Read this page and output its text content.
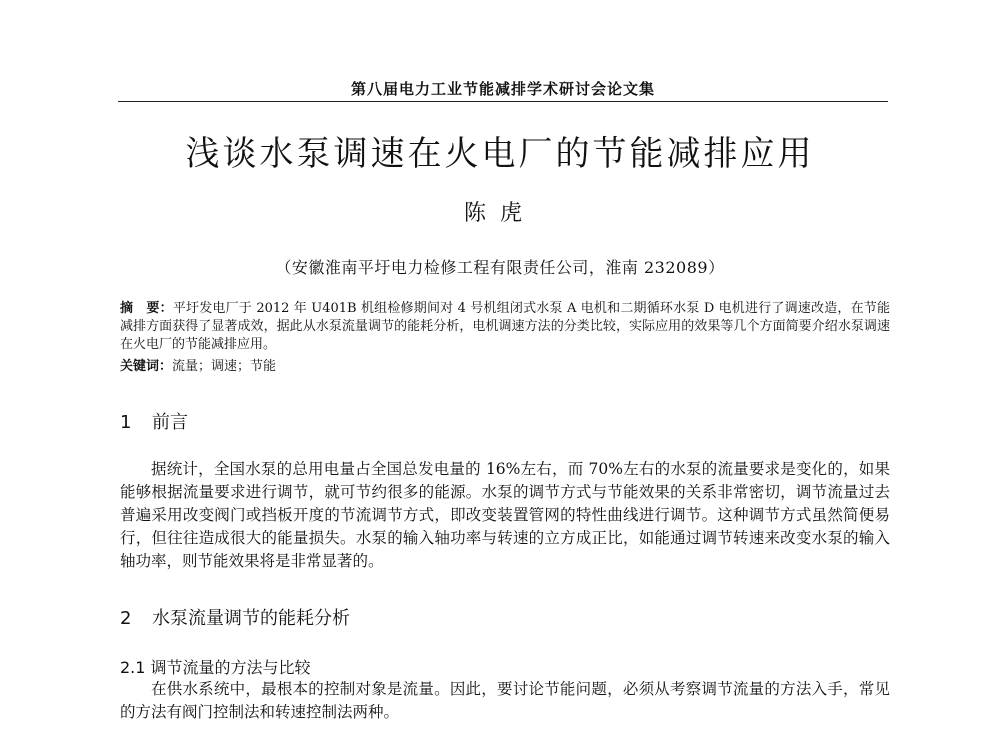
第八届电力工业节能减排学术研讨会论文集
浅谈水泵调速在火电厂的节能减排应用
陈虎
（安徽淮南平圩电力检修工程有限责任公司，淮南 232089）
摘　要：平圩发电厂于 2012 年 U401B 机组检修期间对 4 号机组闭式水泵 A 电机和二期循环水泵 D 电机进行了调速改造，在节能减排方面获得了显著成效，据此从水泵流量调节的能耗分析，电机调速方法的分类比较，实际应用的效果等几个方面简要介绍水泵调速在火电厂的节能减排应用。
关键词：流量；调速；节能
1 前言
据统计，全国水泵的总用电量占全国总发电量的 16%左右，而 70%左右的水泵的流量要求是变化的，如果能够根据流量要求进行调节，就可节约很多的能源。水泵的调节方式与节能效果的关系非常密切，调节流量过去普遍采用改变阀门或挡板开度的节流调节方式，即改变装置管网的特性曲线进行调节。这种调节方式虽然简便易行，但往往造成很大的能量损失。水泵的输入轴功率与转速的立方成正比，如能通过调节转速来改变水泵的输入轴功率，则节能效果将是非常显著的。
2 水泵流量调节的能耗分析
2.1 调节流量的方法与比较
在供水系统中，最根本的控制对象是流量。因此，要讨论节能问题，必须从考察调节流量的方法入手，常见的方法有阀门控制法和转速控制法两种。
